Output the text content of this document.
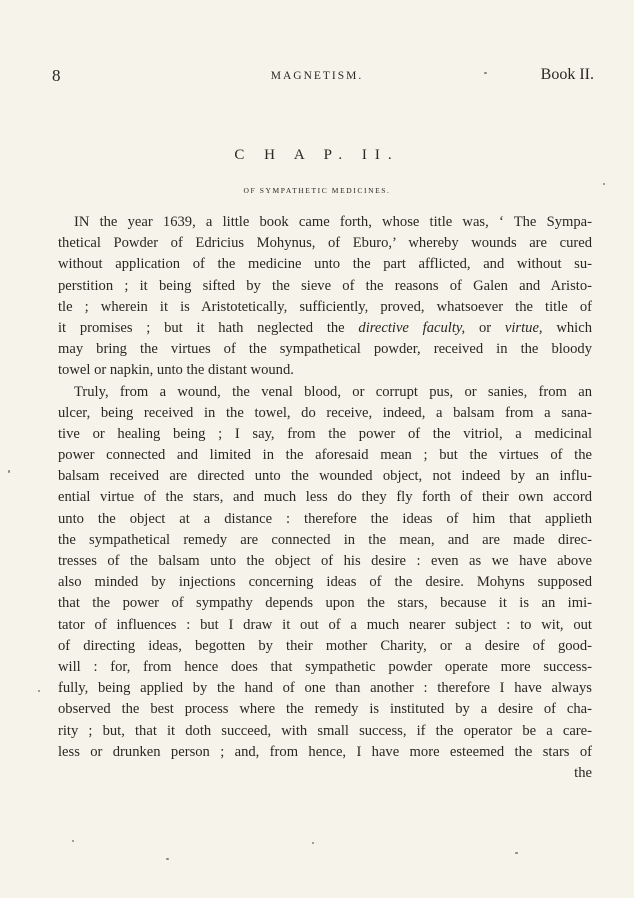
8	MAGNETISM.	Book II.
C H A P. II.
OF SYMPATHETIC MEDICINES.
IN the year 1639, a little book came forth, whose title was, ‘ The Sympa-
thetical Powder of Edricius Mohynus, of Eburo,’ whereby wounds are cured
without application of the medicine unto the part afflicted, and without su-
perstition ; it being sifted by the sieve of the reasons of Galen and Aristo-
tle ; wherein it is Aristotetically, sufficiently, proved, whatsoever the title of
it promises ; but it hath neglected the directive faculty, or virtue, which
may bring the virtues of the sympathetical powder, received in the bloody
towel or napkin, unto the distant wound.
Truly, from a wound, the venal blood, or corrupt pus, or sanies, from an
ulcer, being received in the towel, do receive, indeed, a balsam from a sana-
tive or healing being ; I say, from the power of the vitriol, a medicinal
power connected and limited in the aforesaid mean ; but the virtues of the
balsam received are directed unto the wounded object, not indeed by an influ-
ential virtue of the stars, and much less do they fly forth of their own accord
unto the object at a distance : therefore the ideas of him that applieth
the sympathetical remedy are connected in the mean, and are made direc-
tresses of the balsam unto the object of his desire : even as we have above
also minded by injections concerning ideas of the desire. Mohyns supposed
that the power of sympathy depends upon the stars, because it is an imi-
tator of influences : but I draw it out of a much nearer subject : to wit, out
of directing ideas, begotten by their mother Charity, or a desire of good-
will : for, from hence does that sympathetic powder operate more success-
fully, being applied by the hand of one than another : therefore I have always
observed the best process where the remedy is instituted by a desire of cha-
rity ; but, that it doth succeed, with small success, if the operator be a care-
less or drunken person ; and, from hence, I have more esteemed the stars of
the
